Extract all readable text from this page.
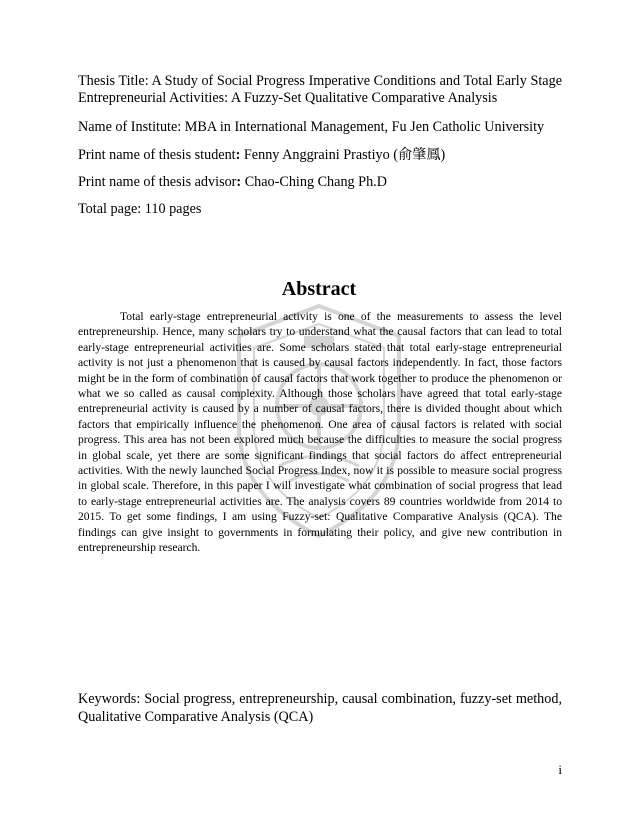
Thesis Title: A Study of Social Progress Imperative Conditions and Total Early Stage Entrepreneurial Activities: A Fuzzy-Set Qualitative Comparative Analysis
Name of Institute: MBA in International Management, Fu Jen Catholic University
Print name of thesis student: Fenny Anggraini Prastiyo (俞肇鳳)
Print name of thesis advisor: Chao-Ching Chang Ph.D
Total page: 110 pages
Abstract

Total early-stage entrepreneurial activity is one of the measurements to assess the level entrepreneurship. Hence, many scholars try to understand what the causal factors that can lead to total early-stage entrepreneurial activities are. Some scholars stated that total early-stage entrepreneurial activity is not just a phenomenon that is caused by causal factors independently. In fact, those factors might be in the form of combination of causal factors that work together to produce the phenomenon or what we so called as causal complexity. Although those scholars have agreed that total early-stage entrepreneurial activity is caused by a number of causal factors, there is divided thought about which factors that empirically influence the phenomenon. One area of causal factors is related with social progress. This area has not been explored much because the difficulties to measure the social progress in global scale, yet there are some significant findings that social factors do affect entrepreneurial activities. With the newly launched Social Progress Index, now it is possible to measure social progress in global scale. Therefore, in this paper I will investigate what combination of social progress that lead to early-stage entrepreneurial activities are. The analysis covers 89 countries worldwide from 2014 to 2015. To get some findings, I am using Fuzzy-set: Qualitative Comparative Analysis (QCA). The findings can give insight to governments in formulating their policy, and give new contribution in entrepreneurship research.

Keywords: Social progress, entrepreneurship, causal combination, fuzzy-set method, Qualitative Comparative Analysis (QCA)
i
